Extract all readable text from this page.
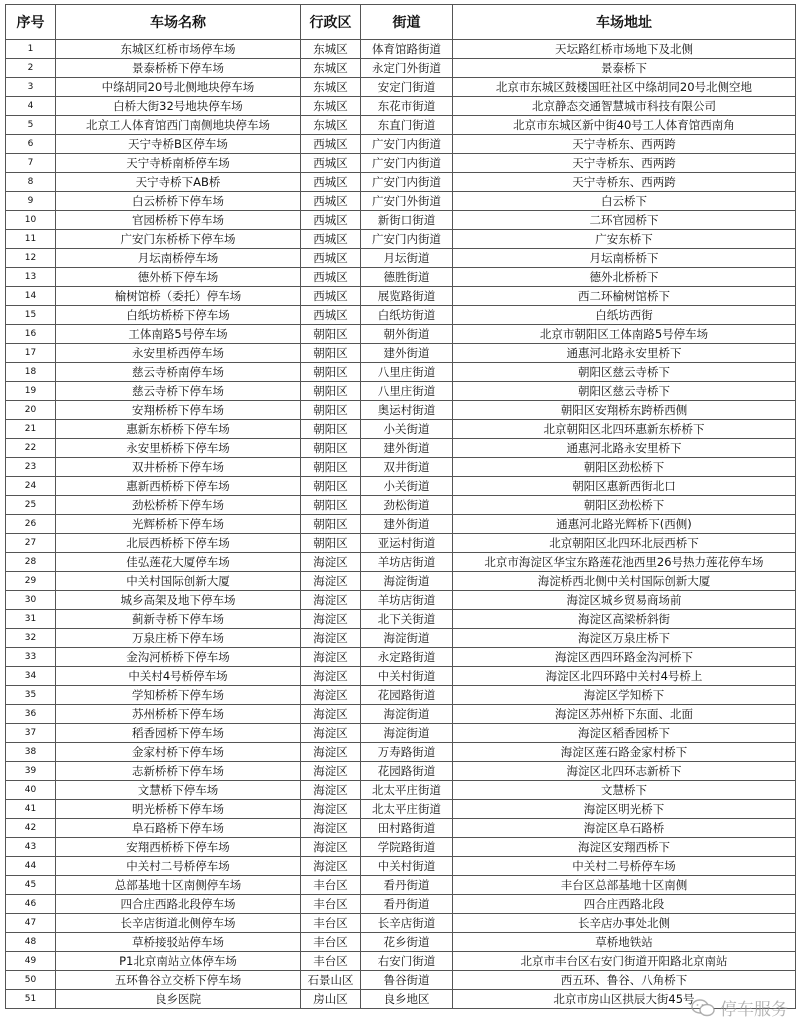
序号	车场名称	行政区	街道	车场地址
1	东城区红桥市场停车场	东城区	体育馆路街道	天坛路红桥市场地下及北侧
2	景泰桥桥下停车场	东城区	永定门外街道	景泰桥下
3	中绦胡同20号北侧地块停车场	东城区	安定门街道	北京市东城区鼓楼国旺社区中绦胡同20号北侧空地
4	白桥大街32号地块停车场	东城区	东花市街道	北京静态交通智慧城市科技有限公司
5	北京工人体育馆西门南侧地块停车场	东城区	东直门街道	北京市东城区新中街40号工人体育馆西南角
6	天宁寺桥B区停车场	西城区	广安门内街道	天宁寺桥东、西两跨
7	天宁寺桥南桥停车场	西城区	广安门内街道	天宁寺桥东、西两跨
8	天宁寺桥下AB桥	西城区	广安门内街道	天宁寺桥东、西两跨
9	白云桥桥下停车场	西城区	广安门外街道	白云桥下
10	官园桥桥下停车场	西城区	新街口街道	二环官园桥下
11	广安门东桥桥下停车场	西城区	广安门内街道	广安东桥下
12	月坛南桥停车场	西城区	月坛街道	月坛南桥桥下
13	德外桥下停车场	西城区	德胜街道	德外北桥桥下
14	榆树馆桥（委托）停车场	西城区	展览路街道	西二环榆树馆桥下
15	白纸坊桥桥下停车场	西城区	白纸坊街道	白纸坊西街
16	工体南路5号停车场	朝阳区	朝外街道	北京市朝阳区工体南路5号停车场
17	永安里桥西停车场	朝阳区	建外街道	通惠河北路永安里桥下
18	慈云寺桥南停车场	朝阳区	八里庄街道	朝阳区慈云寺桥下
19	慈云寺桥下停车场	朝阳区	八里庄街道	朝阳区慈云寺桥下
20	安翔桥桥下停车场	朝阳区	奥运村街道	朝阳区安翔桥东跨桥西侧
21	惠新东桥桥下停车场	朝阳区	小关街道	北京朝阳区北四环惠新东桥桥下
22	永安里桥桥下停车场	朝阳区	建外街道	通惠河北路永安里桥下
23	双井桥桥下停车场	朝阳区	双井街道	朝阳区劲松桥下
24	惠新西桥桥下停车场	朝阳区	小关街道	朝阳区惠新西街北口
25	劲松桥桥下停车场	朝阳区	劲松街道	朝阳区劲松桥下
26	光辉桥桥下停车场	朝阳区	建外街道	通惠河北路光辉桥下(西侧)
27	北辰西桥桥下停车场	朝阳区	亚运村街道	北京朝阳区北四环北辰西桥下
28	佳弘莲花大厦停车场	海淀区	羊坊店街道	北京市海淀区华宝东路莲花池西里26号热力莲花停车场
29	中关村国际创新大厦	海淀区	海淀街道	海淀桥西北侧中关村国际创新大厦
30	城乡高架及地下停车场	海淀区	羊坊店街道	海淀区城乡贸易商场前
31	蓟新寺桥下停车场	海淀区	北下关街道	海淀区高梁桥斜街
32	万泉庄桥下停车场	海淀区	海淀街道	海淀区万泉庄桥下
33	金沟河桥桥下停车场	海淀区	永定路街道	海淀区西四环路金沟河桥下
34	中关村4号桥停车场	海淀区	中关村街道	海淀区北四环路中关村4号桥上
35	学知桥桥下停车场	海淀区	花园路街道	海淀区学知桥下
36	苏州桥桥下停车场	海淀区	海淀街道	海淀区苏州桥下东面、北面
37	稻香园桥下停车场	海淀区	海淀街道	海淀区稻香园桥下
38	金家村桥下停车场	海淀区	万寿路街道	海淀区莲石路金家村桥下
39	志新桥桥下停车场	海淀区	花园路街道	海淀区北四环志新桥下
40	文慧桥下停车场	海淀区	北太平庄街道	文慧桥下
41	明光桥桥下停车场	海淀区	北太平庄街道	海淀区明光桥下
42	阜石路桥下停车场	海淀区	田村路街道	海淀区阜石路桥
43	安翔西桥桥下停车场	海淀区	学院路街道	海淀区安翔西桥下
44	中关村二号桥停车场	海淀区	中关村街道	中关村二号桥停车场
45	总部基地十区南侧停车场	丰台区	看丹街道	丰台区总部基地十区南侧
46	四合庄西路北段停车场	丰台区	看丹街道	四合庄西路北段
47	长辛店街道北侧停车场	丰台区	长辛店街道	长辛店办事处北侧
48	草桥接驳站停车场	丰台区	花乡街道	草桥地铁站
49	P1北京南站立体停车场	丰台区	右安门街道	北京市丰台区右安门街道开阳路北京南站
50	五环鲁谷立交桥下停车场	石景山区	鲁谷街道	西五环、鲁谷、八角桥下
51	良乡医院	房山区	良乡地区	北京市房山区拱辰大街45号
停车服务
